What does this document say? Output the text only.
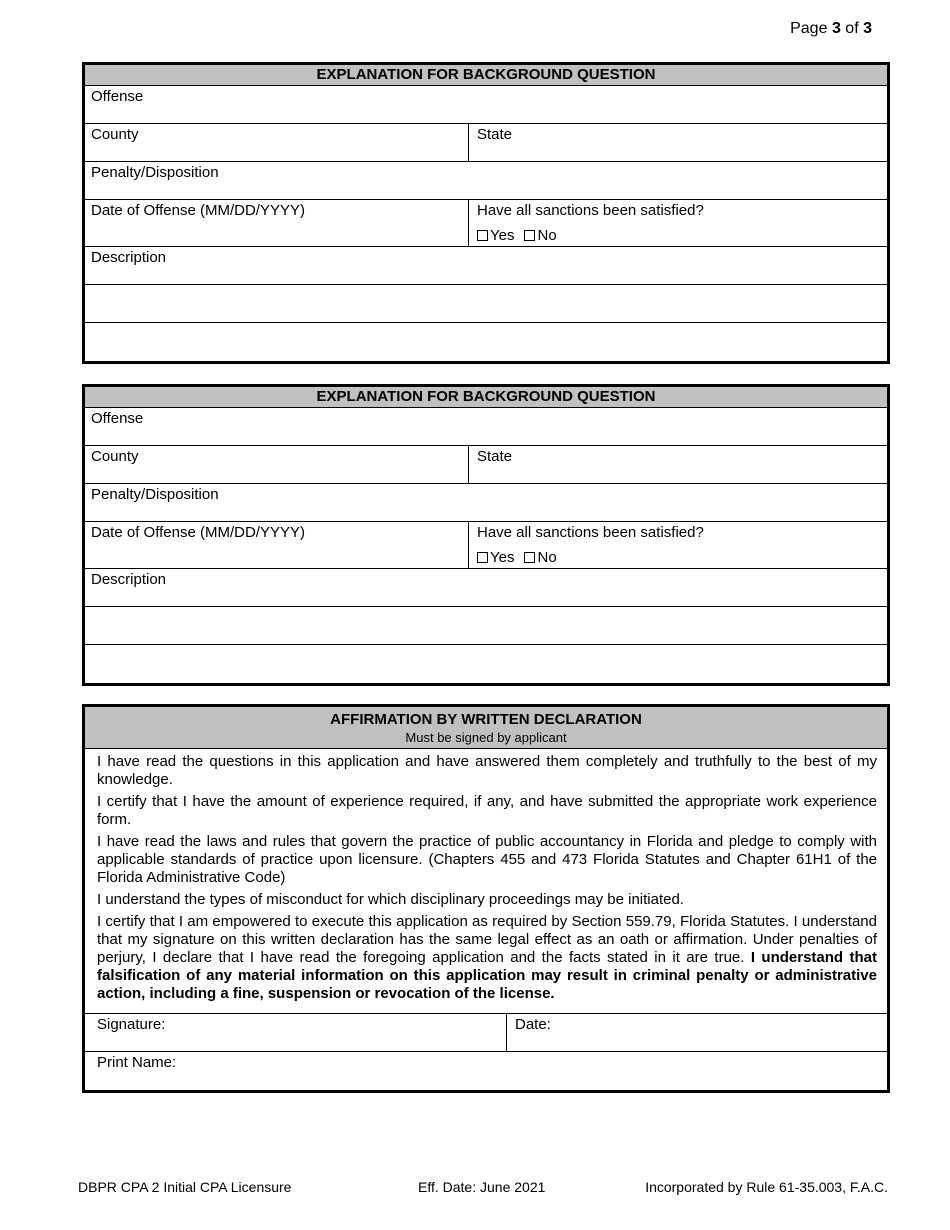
Page 3 of 3
EXPLANATION FOR BACKGROUND QUESTION
Offense
County	State
Penalty/Disposition
Date of Offense (MM/DD/YYYY)	Have all sanctions been satisfied?
Yes	No
Description
EXPLANATION FOR BACKGROUND QUESTION
Offense
County	State
Penalty/Disposition
Date of Offense (MM/DD/YYYY)	Have all sanctions been satisfied?
Yes	No
Description
AFFIRMATION BY WRITTEN DECLARATION
Must be signed by applicant

I have read the questions in this application and have answered them completely and truthfully to the best of my knowledge.

I certify that I have the amount of experience required, if any, and have submitted the appropriate work experience form.

I have read the laws and rules that govern the practice of public accountancy in Florida and pledge to comply with applicable standards of practice upon licensure. (Chapters 455 and 473 Florida Statutes and Chapter 61H1 of the Florida Administrative Code)

I understand the types of misconduct for which disciplinary proceedings may be initiated.

I certify that I am empowered to execute this application as required by Section 559.79, Florida Statutes. I understand that my signature on this written declaration has the same legal effect as an oath or affirmation. Under penalties of perjury, I declare that I have read the foregoing application and the facts stated in it are true. I understand that falsification of any material information on this application may result in criminal penalty or administrative action, including a fine, suspension or revocation of the license.

Signature:	Date:
Print Name:
DBPR CPA 2 Initial CPA Licensure	Eff. Date: June 2021	Incorporated by Rule 61-35.003, F.A.C.
